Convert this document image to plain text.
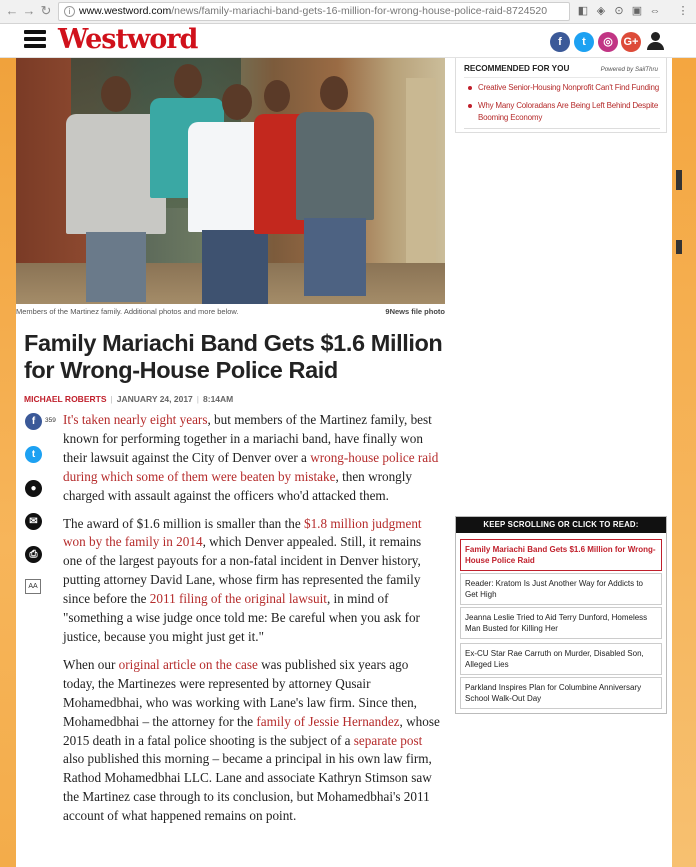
← → ↻	i www.westword.com/news/family-mariachi-band-gets-16-million-for-wrong-house-police-raid-8724520	◧ ◈ ⊙ ▣ ⇔ ⋮
Westword	f	t	◎ G+
Members of the Martinez family. Additional photos and more below.	9News file photo
Family Mariachi Band Gets $1.6 Million for Wrong-House Police Raid
MICHAEL ROBERTS | JANUARY 24, 2017 | 8:14AM
f	359
t
●
✉
⎙
AA

It's taken nearly eight years, but members of the Martinez family, best known for performing together in a mariachi band, have finally won their lawsuit against the City of Denver over a wrong-house police raid during which some of them were beaten by mistake, then wrongly charged with assault against the officers who'd attacked them.

The award of $1.6 million is smaller than the $1.8 million judgment won by the family in 2014, which Denver appealed. Still, it remains one of the largest payouts for a non-fatal incident in Denver history, putting attorney David Lane, whose firm has represented the family since before the 2011 filing of the original lawsuit, in mind of "something a wise judge once told me: Be careful when you ask for justice, because you might just get it."

When our original article on the case was published six years ago today, the Martinezes were represented by attorney Qusair Mohamedbhai, who was working with Lane's law firm. Since then, Mohamedbhai – the attorney for the family of Jessie Hernandez, whose 2015 death in a fatal police shooting is the subject of a separate post also published this morning – became a principal in his own law firm, Rathod Mohamedbhai LLC. Lane and associate Kathryn Stimson saw the Martinez case through to its conclusion, but Mohamedbhai's 2011 account of what happened remains on point.

RECOMMENDED FOR YOU	Powered by SailThru
Creative Senior-Housing Nonprofit Can't Find Funding
Why Many Coloradans Are Being Left Behind Despite Booming Economy
KEEP SCROLLING OR CLICK TO READ:
Family Mariachi Band Gets $1.6 Million for Wrong-House Police Raid
Reader: Kratom Is Just Another Way for Addicts to Get High
Jeanna Leslie Tried to Aid Terry Dunford, Homeless Man Busted for Killing Her
Ex-CU Star Rae Carruth on Murder, Disabled Son, Alleged Lies
Parkland Inspires Plan for Columbine Anniversary School Walk-Out Day
